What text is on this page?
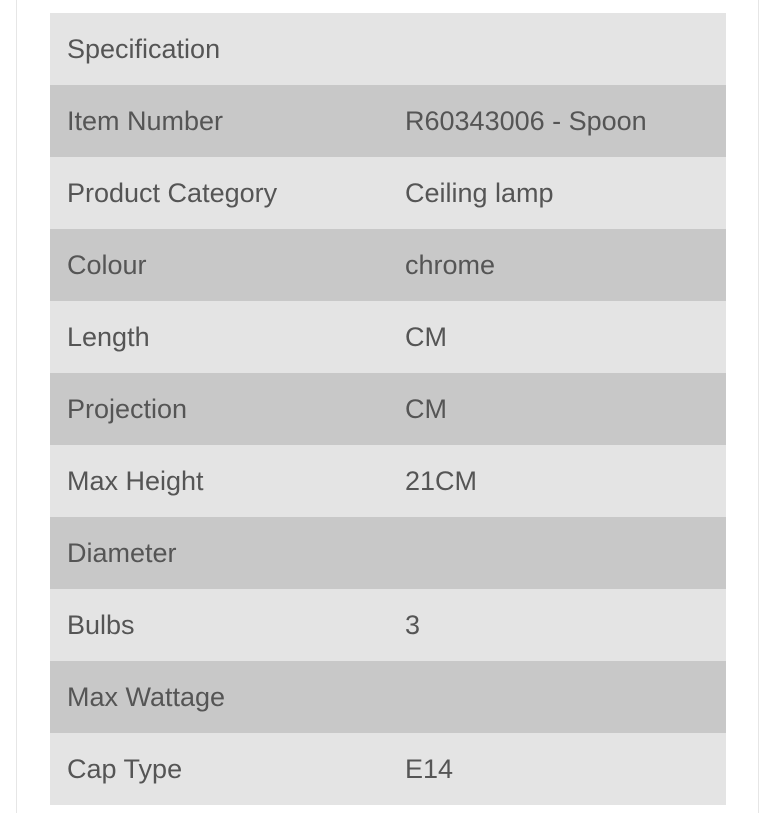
Specification	
Item Number	R60343006 - Spoon
Product Category	Ceiling lamp
Colour	chrome
Length	CM
Projection	CM
Max Height	21CM
Diameter	
Bulbs	3
Max Wattage	
Cap Type	E14
